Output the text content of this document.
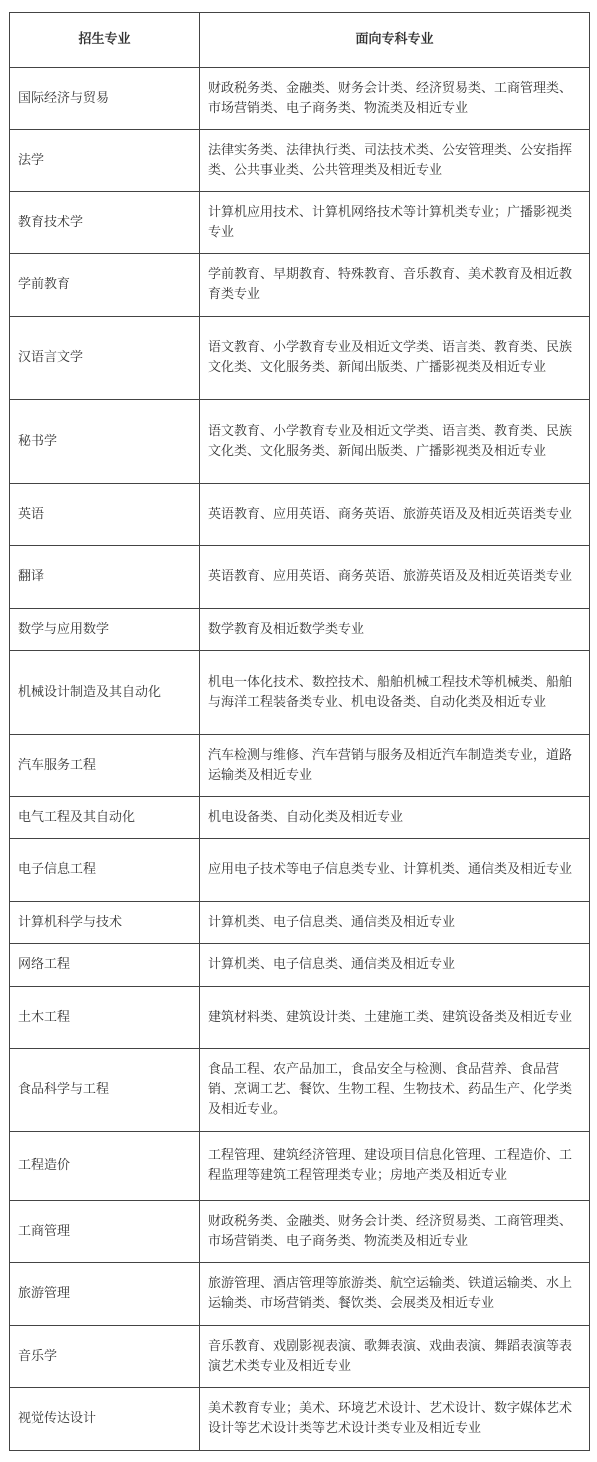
招生专业	面向专科专业
国际经济与贸易	财政税务类、金融类、财务会计类、经济贸易类、工商管理类、市场营销类、电子商务类、物流类及相近专业
法学	法律实务类、法律执行类、司法技术类、公安管理类、公安指挥类、公共事业类、公共管理类及相近专业
教育技术学	计算机应用技术、计算机网络技术等计算机类专业；广播影视类专业
学前教育	学前教育、早期教育、特殊教育、音乐教育、美术教育及相近教育类专业
汉语言文学	语文教育、小学教育专业及相近文学类、语言类、教育类、民族文化类、文化服务类、新闻出版类、广播影视类及相近专业
秘书学	语文教育、小学教育专业及相近文学类、语言类、教育类、民族文化类、文化服务类、新闻出版类、广播影视类及相近专业
英语	英语教育、应用英语、商务英语、旅游英语及及相近英语类专业
翻译	英语教育、应用英语、商务英语、旅游英语及及相近英语类专业
数学与应用数学	数学教育及相近数学类专业
机械设计制造及其自动化	机电一体化技术、数控技术、船舶机械工程技术等机械类、船舶与海洋工程装备类专业、机电设备类、自动化类及相近专业
汽车服务工程	汽车检测与维修、汽车营销与服务及相近汽车制造类专业，道路运输类及相近专业
电气工程及其自动化	机电设备类、自动化类及相近专业
电子信息工程	应用电子技术等电子信息类专业、计算机类、通信类及相近专业
计算机科学与技术	计算机类、电子信息类、通信类及相近专业
网络工程	计算机类、电子信息类、通信类及相近专业
土木工程	建筑材料类、建筑设计类、土建施工类、建筑设备类及相近专业
食品科学与工程	食品工程、农产品加工，食品安全与检测、食品营养、食品营销、烹调工艺、餐饮、生物工程、生物技术、药品生产、化学类及相近专业。
工程造价	工程管理、建筑经济管理、建设项目信息化管理、工程造价、工程监理等建筑工程管理类专业；房地产类及相近专业
工商管理	财政税务类、金融类、财务会计类、经济贸易类、工商管理类、市场营销类、电子商务类、物流类及相近专业
旅游管理	旅游管理、酒店管理等旅游类、航空运输类、铁道运输类、水上运输类、市场营销类、餐饮类、会展类及相近专业
音乐学	音乐教育、戏剧影视表演、歌舞表演、戏曲表演、舞蹈表演等表演艺术类专业及相近专业
视觉传达设计	美术教育专业；美术、环境艺术设计、艺术设计、数字媒体艺术设计等艺术设计类等艺术设计类专业及相近专业
